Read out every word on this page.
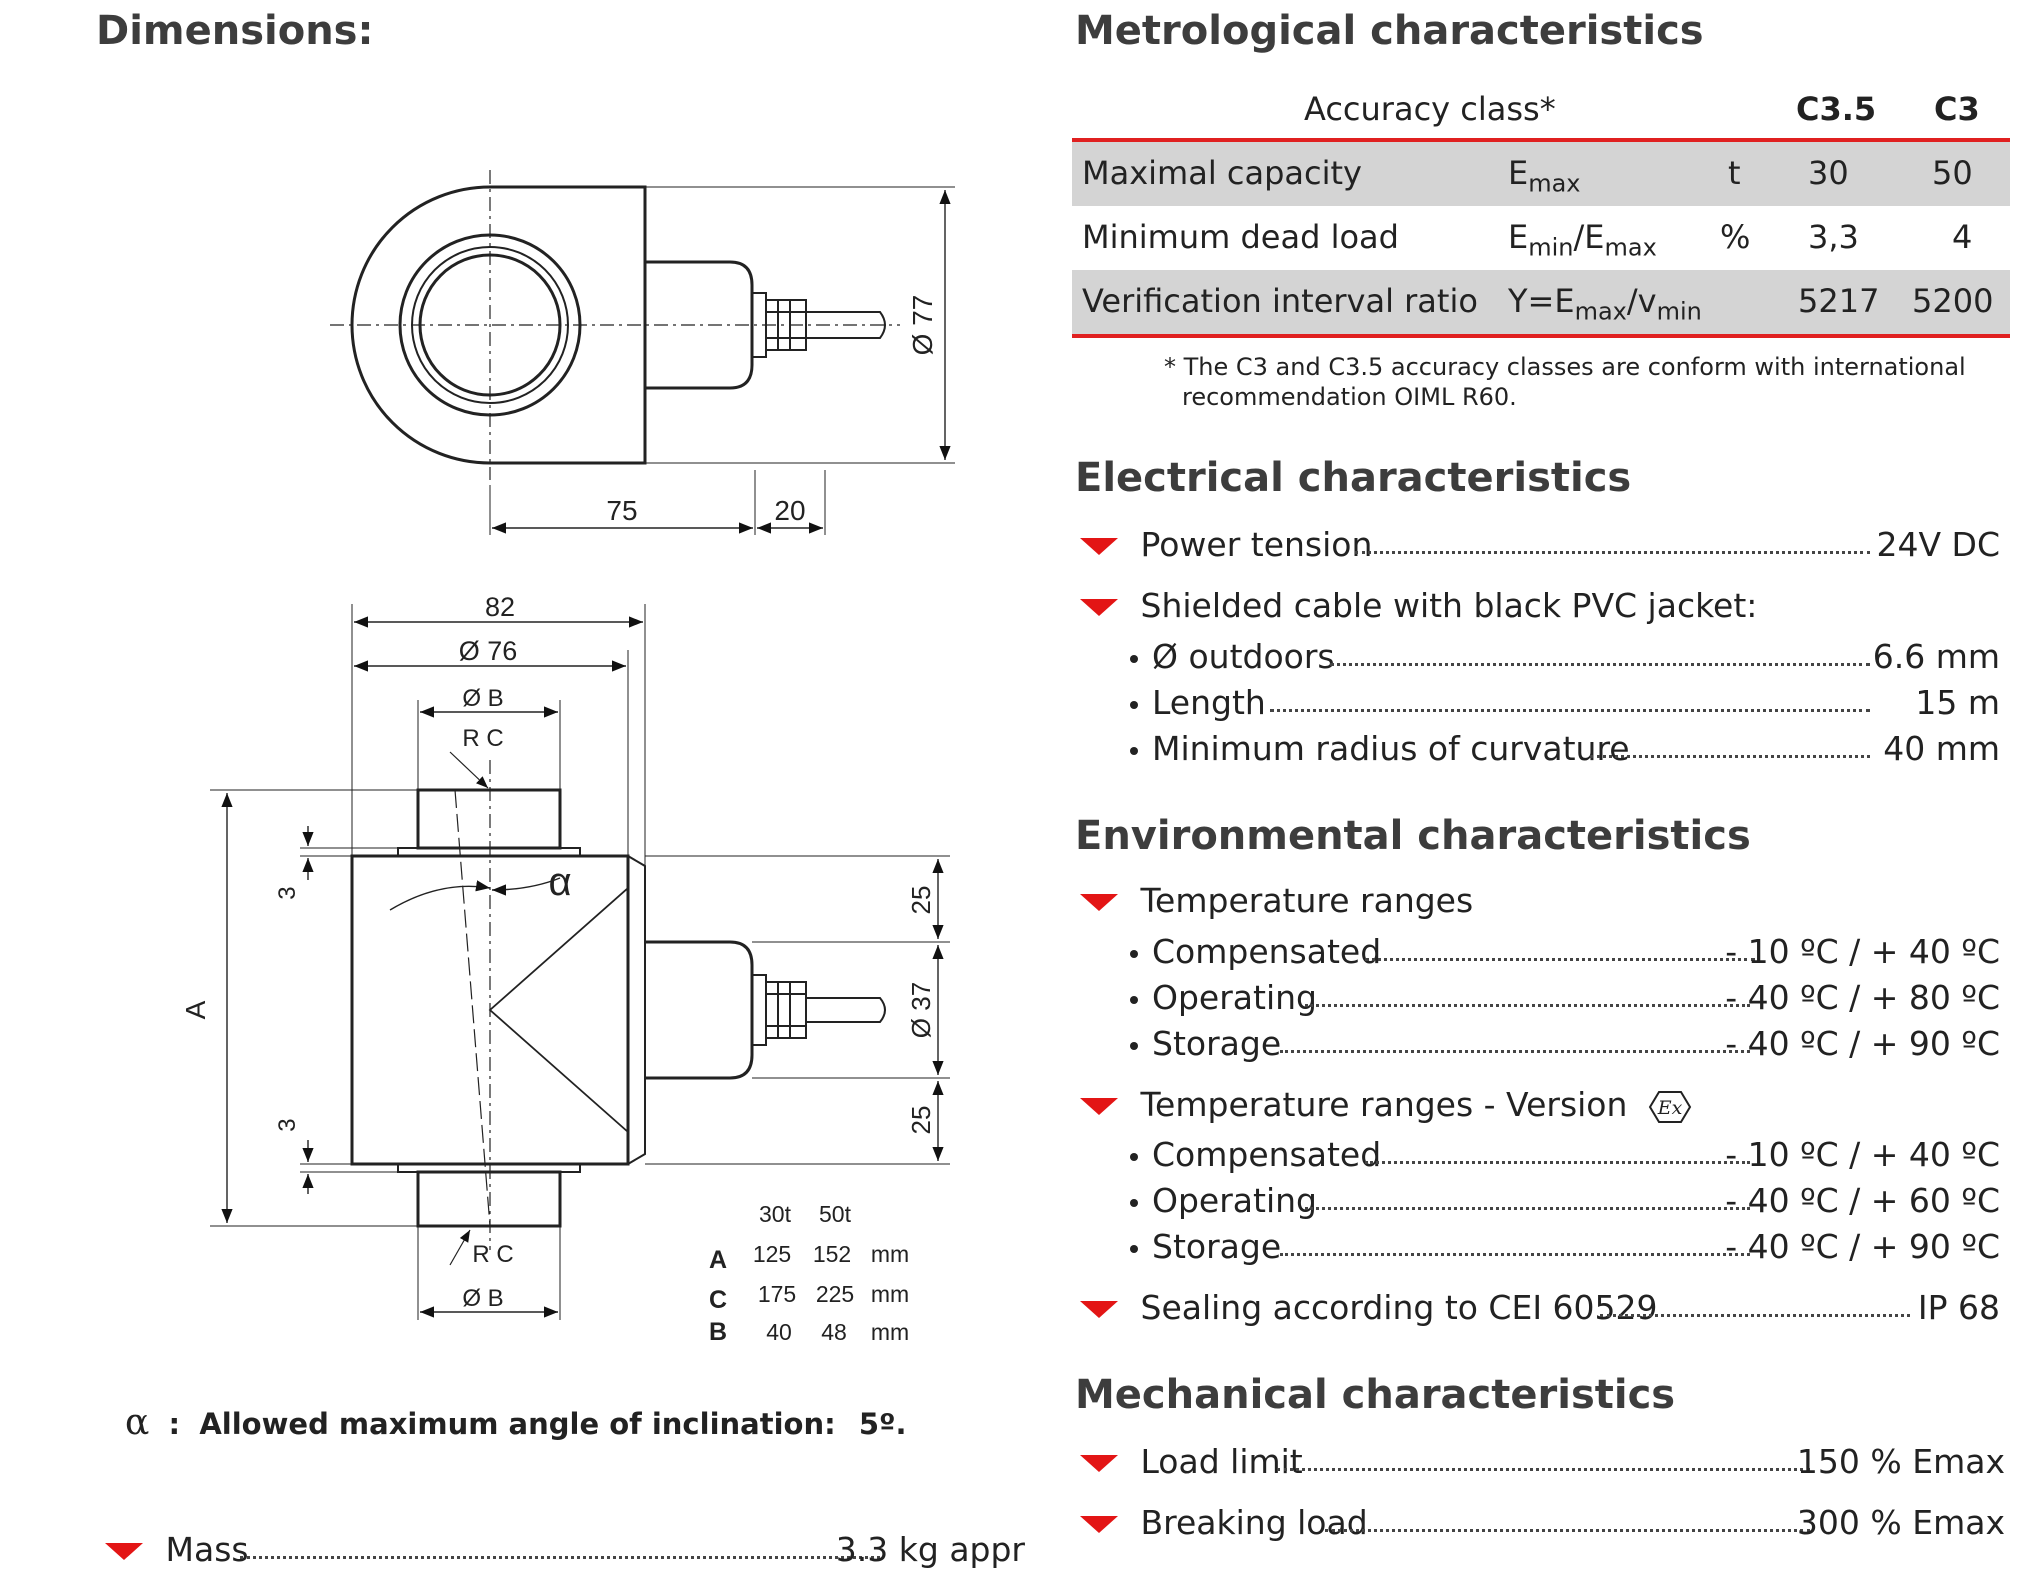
Dimensions:
Ø 77
75	20
82
Ø 76
Ø B
R C
A
3
3
α	25
Ø 37
25
R C
Ø B
30t 50t
A 125 152 mm
C 175 225 mm
B 40 48 mm
α : Allowed maximum angle of inclination: 5º.
Mass	3.3 kg appr
Metrological characteristics
Accuracy class*	C3.5 C3
Maximal capacity	$E_{max}$	t 30	50
Minimum dead load	$E_{min}/E_{max}$ % 3,3	4
Verification interval ratio $Y=E_{max}/v_{min}$	5217 5200
* The C3 and C3.5 accuracy classes are conform with international
recommendation OIML R60.
Electrical characteristics
Power tension	24V DC
Shielded cable with black PVC jacket:
Ø outdoors	6.6 mm
Length	15 m
Minimum radius of curvature	40 mm
Environmental characteristics
Temperature ranges
Compensated	- 10 ºC / + 40 ºC
Operating	- 40 ºC / + 80 ºC
Storage	- 40 ºC / + 90 ºC
Temperature ranges - Version Ex
Compensated	- 10 ºC / + 40 ºC
Operating	- 40 ºC / + 60 ºC
Storage	- 40 ºC / + 90 ºC
Sealing according to CEI 60529	IP 68
Mechanical characteristics
Load limit	150 % Emax
Breaking load	300 % Emax
